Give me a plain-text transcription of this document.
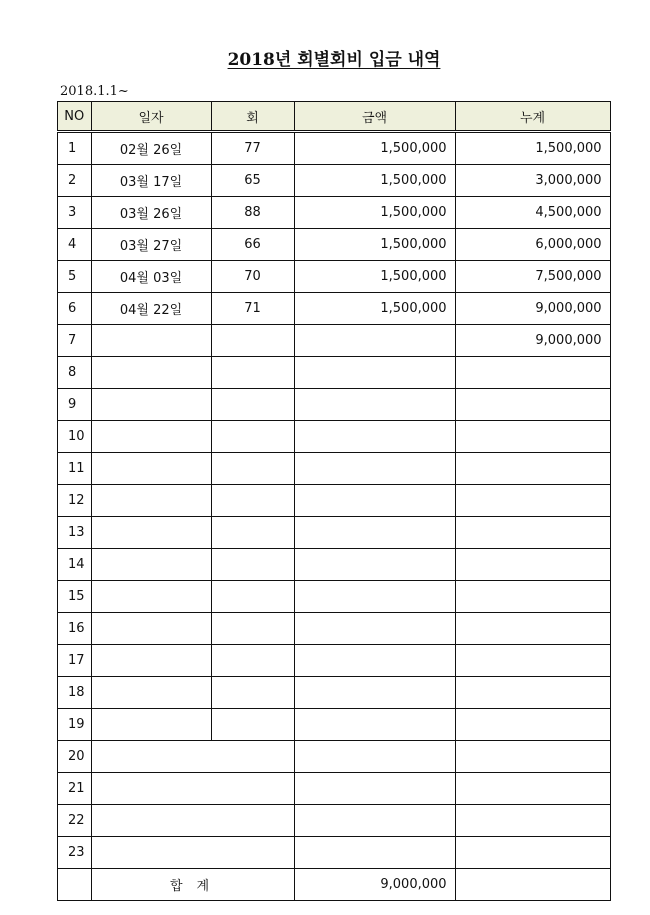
2018년 회별회비 입금 내역
2018.1.1~
NO	일자	회	금액	누계
1	02월 26일	77	1,500,000	1,500,000
2	03월 17일	65	1,500,000	3,000,000
3	03월 26일	88	1,500,000	4,500,000
4	03월 27일	66	1,500,000	6,000,000
5	04월 03일	70	1,500,000	7,500,000
6	04월 22일	71	1,500,000	9,000,000
7				9,000,000
8				
9				
10				
11				
12				
13				
14				
15				
16				
17				
18				
19				
20				
21				
22				
23				
	합계		9,000,000	
